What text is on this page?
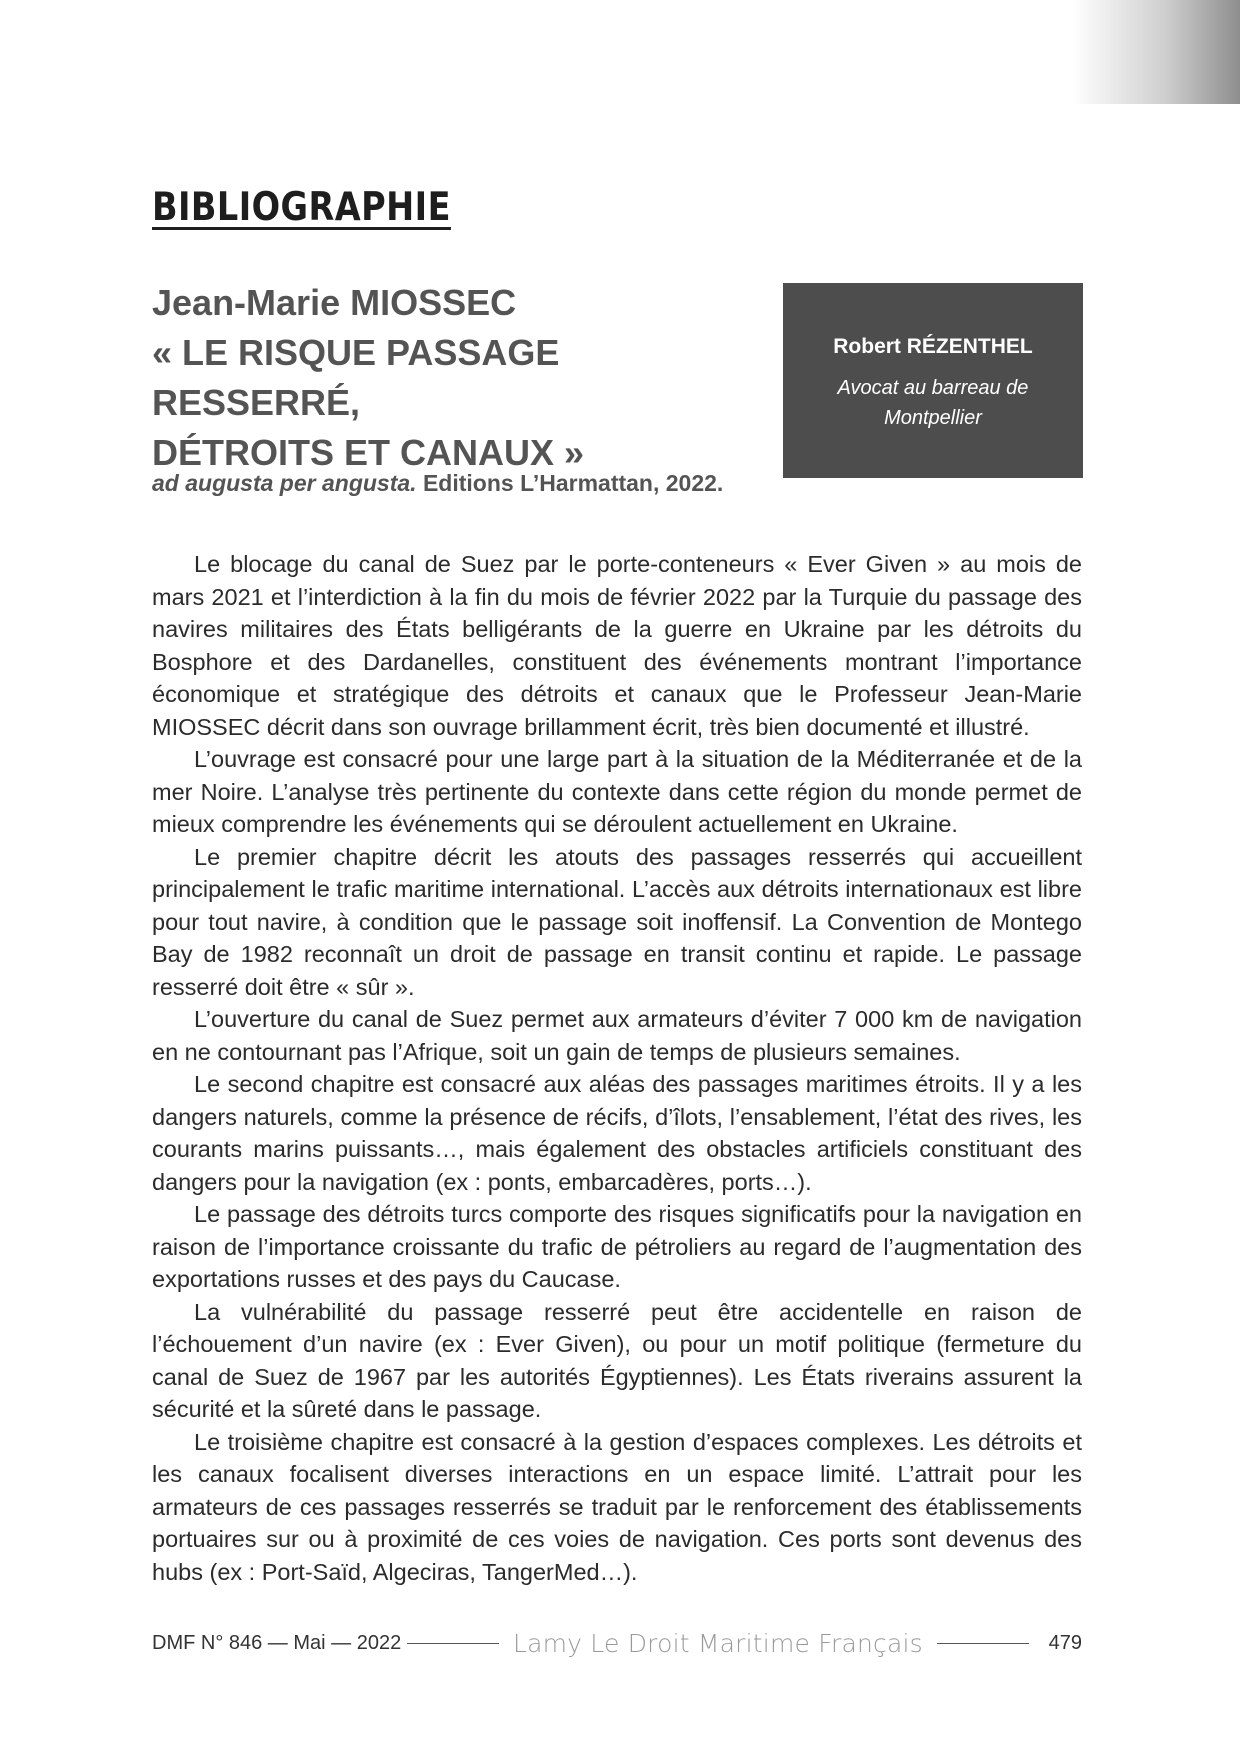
BIBLIOGRAPHIE
Jean-Marie MIOSSEC
« LE RISQUE PASSAGE RESSERRÉ,
DÉTROITS ET CANAUX »

ad augusta per angusta. Editions L’Harmattan, 2022.

Robert RÉZENTHEL

Avocat au barreau de Montpellier

Le blocage du canal de Suez par le porte-conteneurs « Ever Given » au mois de mars 2021 et l’interdiction à la fin du mois de février 2022 par la Turquie du passage des navires militaires des États belligérants de la guerre en Ukraine par les détroits du Bosphore et des Dardanelles, constituent des événements montrant l’importance économique et stratégique des détroits et canaux que le Professeur Jean-Marie MIOSSEC décrit dans son ouvrage brillamment écrit, très bien documenté et illustré.

L’ouvrage est consacré pour une large part à la situation de la Méditerranée et de la mer Noire. L’analyse très pertinente du contexte dans cette région du monde permet de mieux comprendre les événements qui se déroulent actuellement en Ukraine.

Le premier chapitre décrit les atouts des passages resserrés qui accueillent principalement le trafic maritime international. L’accès aux détroits internationaux est libre pour tout navire, à condition que le passage soit inoffensif. La Convention de Montego Bay de 1982 reconnaît un droit de passage en transit continu et rapide. Le passage resserré doit être « sûr ».

L’ouverture du canal de Suez permet aux armateurs d’éviter 7 000 km de navigation en ne contournant pas l’Afrique, soit un gain de temps de plusieurs semaines.

Le second chapitre est consacré aux aléas des passages maritimes étroits. Il y a les dangers naturels, comme la présence de récifs, d’îlots, l’ensablement, l’état des rives, les courants marins puissants…, mais également des obstacles artificiels constituant des dangers pour la navigation (ex : ponts, embarcadères, ports…).

Le passage des détroits turcs comporte des risques significatifs pour la navigation en raison de l’importance croissante du trafic de pétroliers au regard de l’augmentation des exportations russes et des pays du Caucase.

La vulnérabilité du passage resserré peut être accidentelle en raison de l’échouement d’un navire (ex : Ever Given), ou pour un motif politique (fermeture du canal de Suez de 1967 par les autorités Égyptiennes). Les États riverains assurent la sécurité et la sûreté dans le passage.

Le troisième chapitre est consacré à la gestion d’espaces complexes. Les détroits et les canaux focalisent diverses interactions en un espace limité. L’attrait pour les armateurs de ces passages resserrés se traduit par le renforcement des établissements portuaires sur ou à proximité de ces voies de navigation. Ces ports sont devenus des hubs (ex : Port-Saïd, Algeciras, TangerMed…).

DMF N° 846 — Mai — 2022	Lamy Le Droit Maritime Français	479
